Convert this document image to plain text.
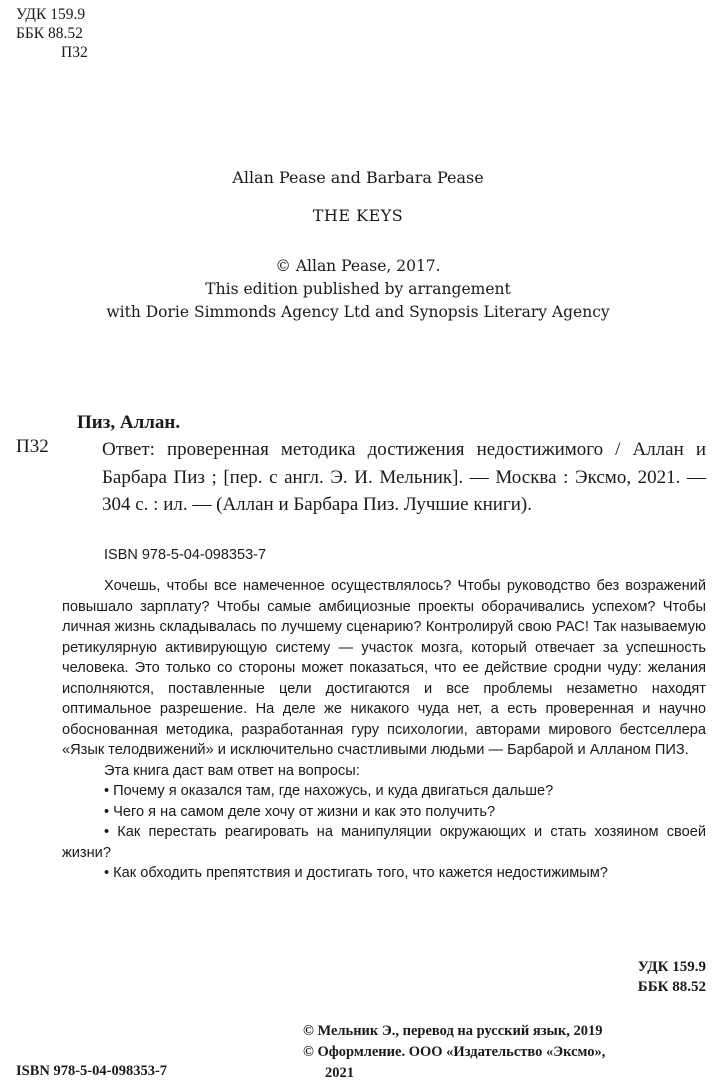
УДК 159.9
ББК 88.52
П32
Allan Pease and Barbara Pease
THE KEYS
© Allan Pease, 2017.
This edition published by arrangement
with Dorie Simmonds Agency Ltd and Synopsis Literary Agency
Пиз, Аллан.
П32	Ответ: проверенная методика достижения недостижимого / Аллан и Барбара Пиз ; [пер. с англ. Э. И. Мельник]. — Москва : Эксмо, 2021. — 304 с. : ил. — (Аллан и Барбара Пиз. Лучшие книги).
ISBN 978-5-04-098353-7

Хочешь, чтобы все намеченное осуществлялось? Чтобы руководство без возражений повышало зарплату? Чтобы самые амбициозные проекты оборачивались успехом? Чтобы личная жизнь складывалась по лучшему сценарию? Контролируй свою РАС! Так называемую ретикулярную активирующую систему — участок мозга, который отвечает за успешность человека. Это только со стороны может показаться, что ее действие сродни чуду: желания исполняются, поставленные цели достигаются и все проблемы незаметно находят оптимальное разрешение. На деле же никакого чуда нет, а есть проверенная и научно обоснованная методика, разработанная гуру психологии, авторами мирового бестселлера «Язык телодвижений» и исключительно счастливыми людьми — Барбарой и Алланом ПИЗ.

Эта книга даст вам ответ на вопросы:

• Почему я оказался там, где нахожусь, и куда двигаться дальше?

• Чего я на самом деле хочу от жизни и как это получить?

• Как перестать реагировать на манипуляции окружающих и стать хозяином своей жизни?

• Как обходить препятствия и достигать того, что кажется недостижимым?

УДК 159.9
ББК 88.52
ISBN 978-5-04-098353-7
© Мельник Э., перевод на русский язык, 2019
© Оформление. ООО «Издательство «Эксмо»,
2021
